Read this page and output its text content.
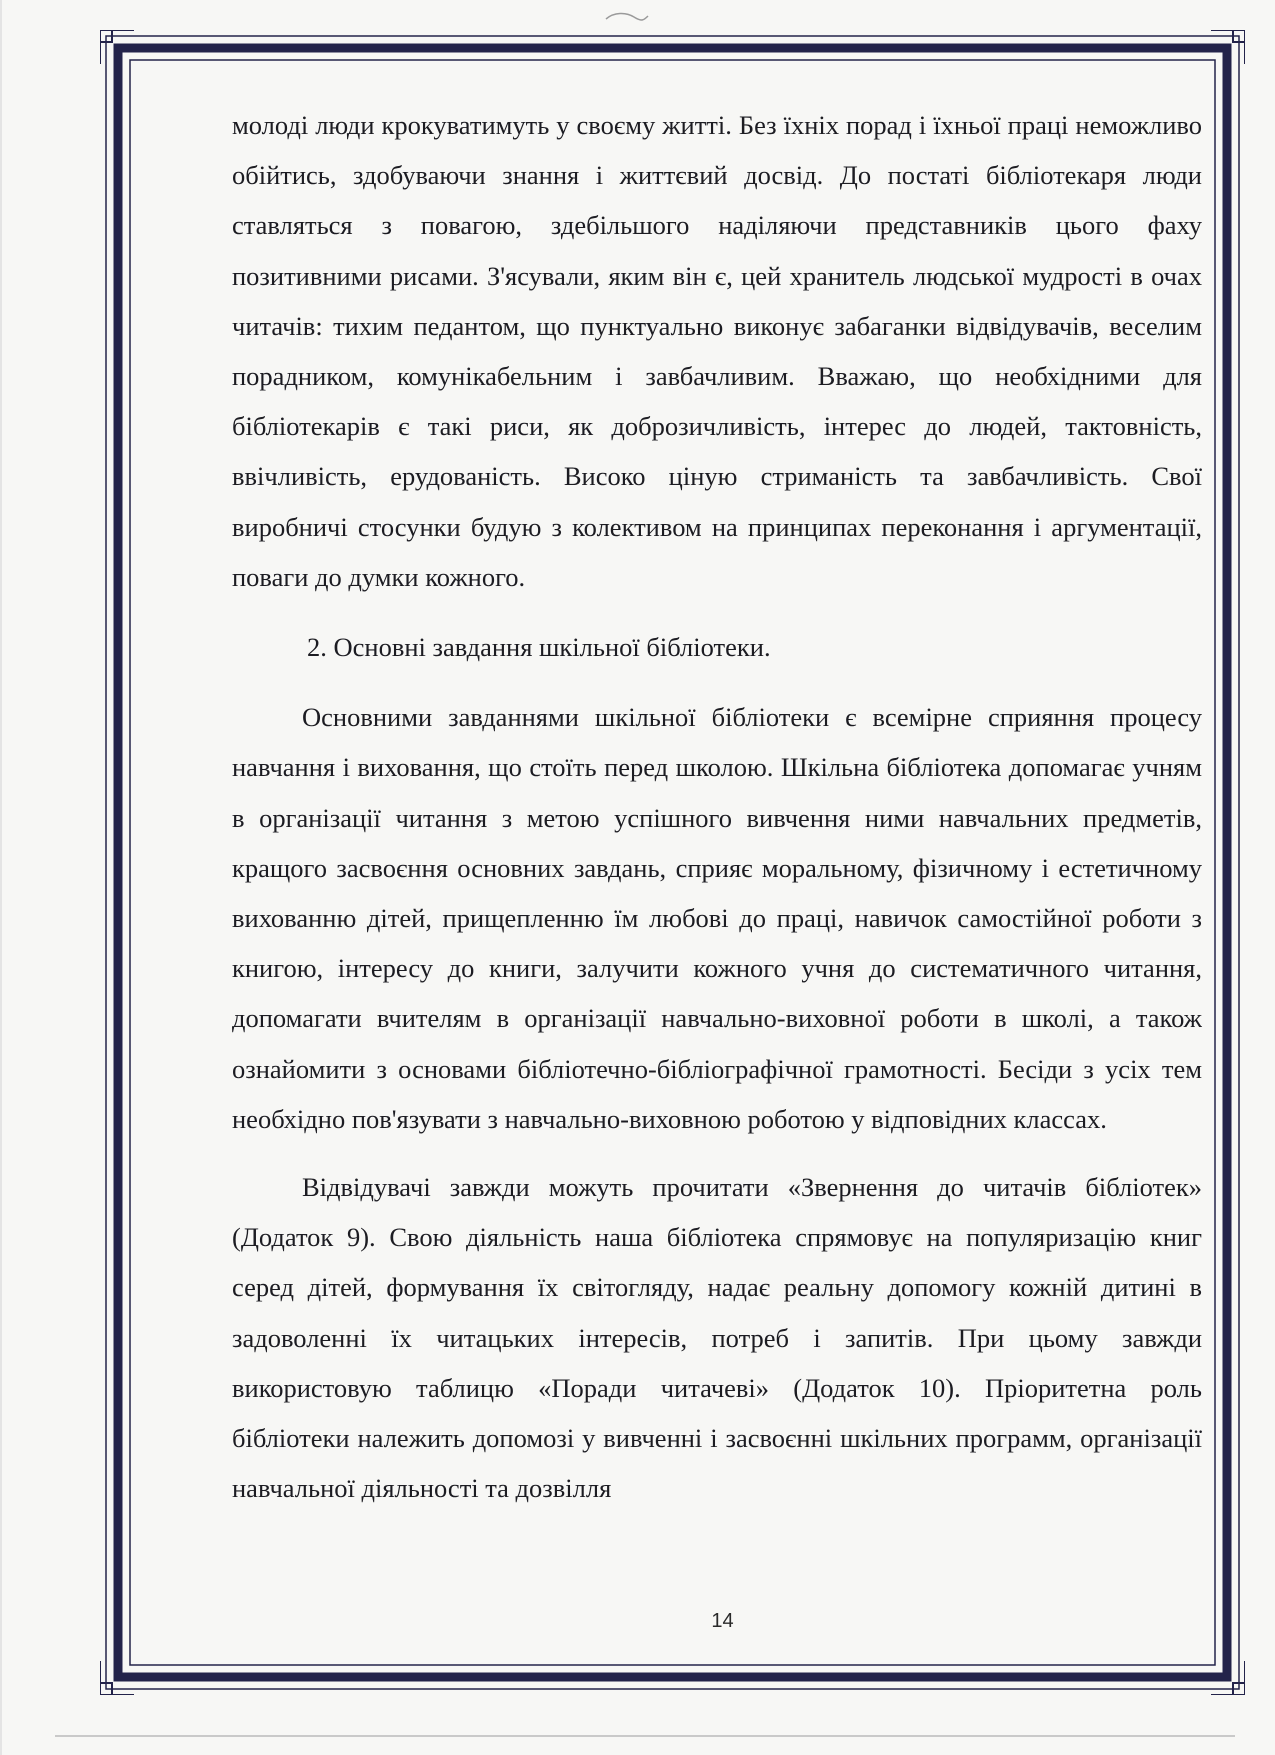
молоді люди крокуватимуть у своєму житті. Без їхніх порад і їхньої праці неможливо обійтись, здобуваючи знання і життєвий досвід. До постаті бібліотекаря люди ставляться з повагою, здебільшого наділяючи представників цього фаху позитивними рисами. З'ясували, яким він є, цей хранитель людської мудрості в очах читачів: тихим педантом, що пунктуально виконує забаганки відвідувачів, веселим порадником, комунікабельним і завбачливим. Вважаю, що необхідними для бібліотекарів є такі риси, як доброзичливість, інтерес до людей, тактовність, ввічливість, ерудованість. Високо ціную стриманість та завбачливість. Свої виробничі стосунки будую з колективом на принципах переконання і аргументації, поваги до думки кожного.

2. Основні завдання шкільної бібліотеки.

Основними завданнями шкільної бібліотеки є всемірне сприяння процесу навчання і виховання, що стоїть перед школою. Шкільна бібліотека допомагає учням в організації читання з метою успішного вивчення ними навчальних предметів, кращого засвоєння основних завдань, сприяє моральному, фізичному і естетичному вихованню дітей, прищепленню їм любові до праці, навичок самостійної роботи з книгою, інтересу до книги, залучити кожного учня до систематичного читання, допомагати вчителям в організації навчально-виховної роботи в школі, а також ознайомити з основами бібліотечно-бібліографічної грамотності. Бесіди з усіх тем необхідно пов'язувати з навчально-виховною роботою у відповідних классах.

Відвідувачі завжди можуть прочитати «Звернення до читачів бібліотек» (Додаток 9). Свою діяльність наша бібліотека спрямовує на популяризацію книг серед дітей, формування їх світогляду, надає реальну допомогу кожній дитині в задоволенні їх читацьких інтересів, потреб і запитів. При цьому завжди використовую таблицю «Поради читачеві» (Додаток 10). Пріоритетна роль бібліотеки належить допомозі у вивченні і засвоєнні шкільних программ, організації навчальної діяльності та дозвілля

14
